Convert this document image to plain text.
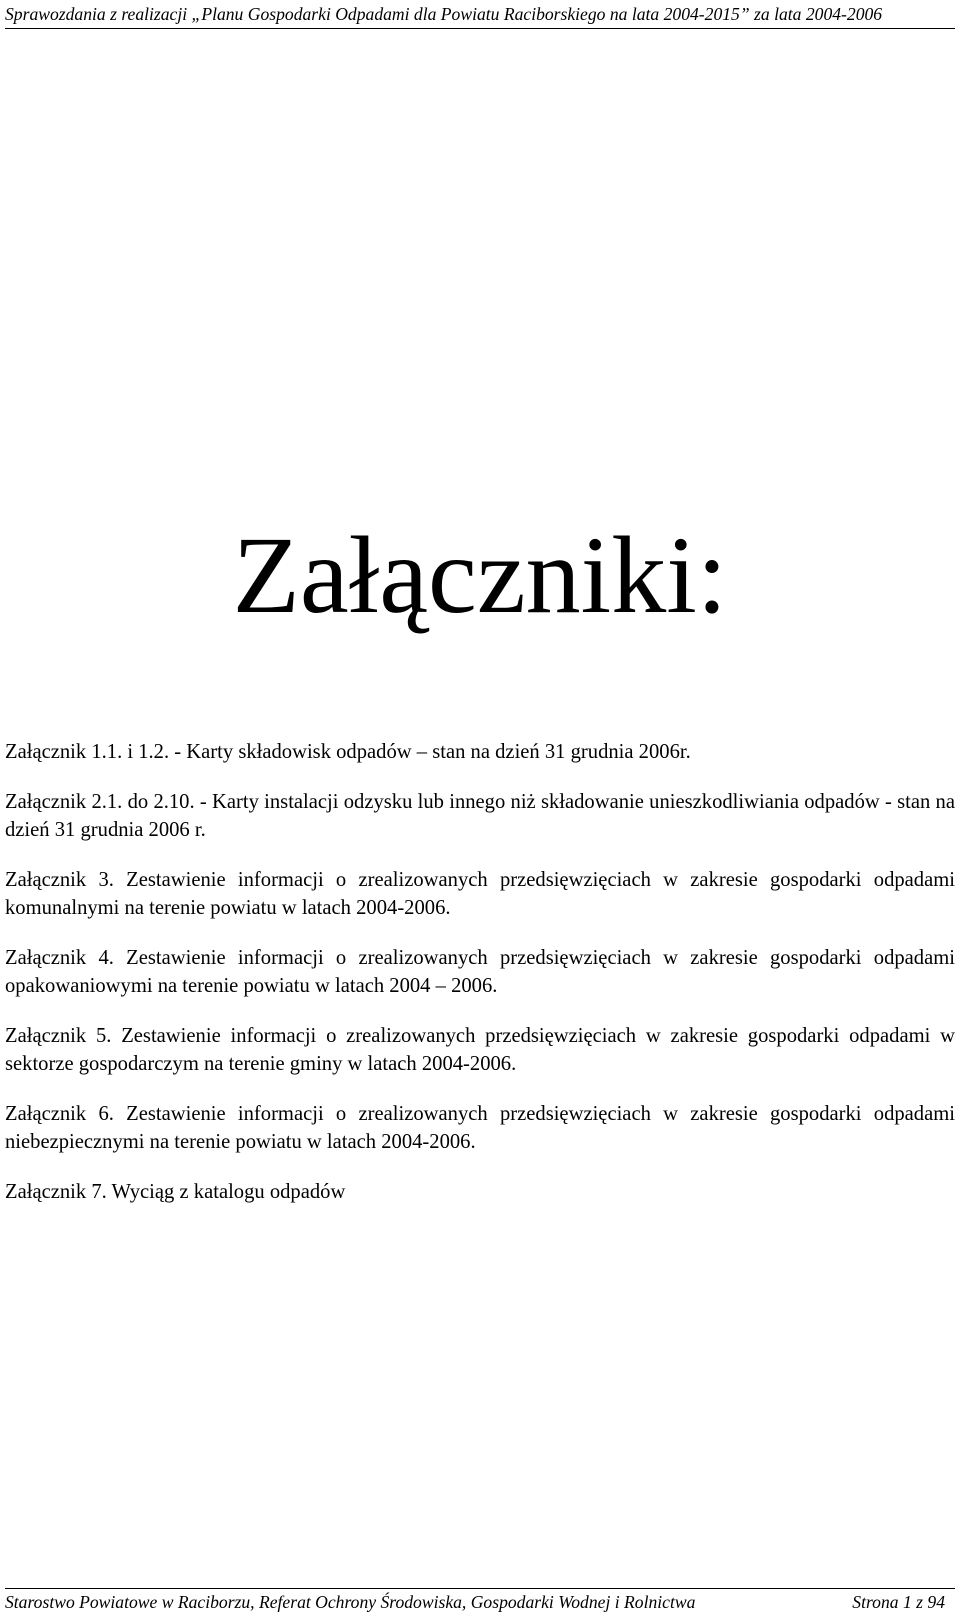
Sprawozdania z realizacji „Planu Gospodarki Odpadami dla Powiatu Raciborskiego na lata 2004-2015” za lata 2004-2006
Załączniki:
Załącznik 1.1. i 1.2. - Karty składowisk odpadów – stan na dzień 31 grudnia 2006r.
Załącznik 2.1. do 2.10. - Karty instalacji odzysku lub innego niż składowanie unieszkodliwiania odpadów - stan na dzień 31 grudnia 2006 r.
Załącznik 3. Zestawienie informacji o zrealizowanych przedsięwzięciach w zakresie gospodarki odpadami komunalnymi na terenie powiatu w latach 2004-2006.
Załącznik 4. Zestawienie informacji o zrealizowanych przedsięwzięciach w zakresie gospodarki odpadami opakowaniowymi na terenie powiatu w latach 2004 – 2006.
Załącznik 5. Zestawienie informacji o zrealizowanych przedsięwzięciach w zakresie gospodarki odpadami w sektorze gospodarczym na terenie gminy w latach 2004-2006.
Załącznik 6. Zestawienie informacji o zrealizowanych przedsięwzięciach w zakresie gospodarki odpadami niebezpiecznymi na terenie powiatu w latach 2004-2006.
Załącznik 7. Wyciąg z katalogu odpadów
Starostwo Powiatowe w Raciborzu, Referat Ochrony Środowiska, Gospodarki Wodnej i Rolnictwa	Strona 1 z 94
